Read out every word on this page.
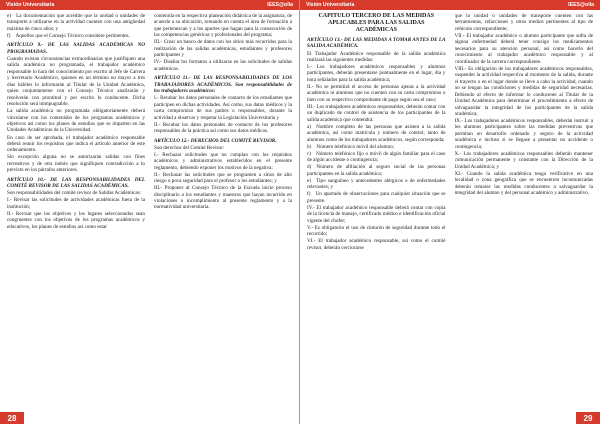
Visión Universitaria	IEES@olla

e) La documentación que acredite que la unidad o unidades de transporte a utilizarse en la actividad cuenten con una antigüedad máxima de cinco años; y

f) Aquellos que el Consejo Técnico considere pertinentes.

ARTÍCULO 9.- DE LAS SALIDAS ACADÉMICAS NO PROGRAMADAS.

Cuando existan circunstancias extraordinarias que justifiquen una salida académica no programada, el trabajador académico responsable lo hará del conocimiento por escrito al Jefe de Carrera y Secretario Académico, quienes en un término no mayor a tres días hábiles lo informarán al Titular de la Unidad Académica, quien conjuntamente con el Consejo Técnico analizarán y resolverán con prontitud y por escrito lo conducente. Dicha resolución será inimpugnable.

La salida académica no programada obligatoriamente deberá vincularse con los contenidos de los programas académicos y objetivos así como los planes de estudios que se imparten en las Unidades Académicas de la Universidad.

En caso de ser aprobada, el trabajador académico responsable deberá reunir los requisitos que indica el artículo anterior de este ordenamiento.

Sin excepción alguna no se autorizarán salidas con fines recreativos y de otra índole que signifiquen contradicción a lo previsto en los párrafos anteriores.

ARTÍCULO 10.- DE LAS RESPONSABILIDADES DEL COMITÉ REVISOR DE LAS SALIDAS ACADÉMICAS.

Son responsabilidades del comité revisor de Salidas Académicas:

I.- Revisar las solicitudes de actividades académicas fuera de la institución;

II.- Revisar que los objetivos y los lugares seleccionados sean congruentes con los objetivos de los programas académicos y educativos, los planes de estudios así como estar

contenida en la respectiva planeación didáctica de la asignatura, de acuerdo a su ubicación, tomando en cuenta el área de formación a que pertenezcan y a los aportes que hagan para la consecución de las competencias genéricas y profesionales del programa;

III.- Crear un banco de datos con los sitios más recurridos para la realización de las salidas académicas, estudiantes y profesores participantes y

IV.- Diseñar los formatos a utilizarse en las solicitudes de salidas académicas.

ARTÍCULO 11.- DE LAS RESPONSABILIDADES DE LOS TRABAJADORES ACADÉMICOS. Son responsabilidades de los trabajadores académicos:

I.- Recabar los datos personales de contacto de los estudiantes que participen en dichas actividades. Así como, sus datos médicos y la carta compromiso de sus padres o responsables, durante la actividad a observar y respetar la Legislación Universitaria y

II.- Recabar los datos personales de contacto de los profesores responsables de la práctica así como sus datos médicos.

ARTÍCULO 12.- DERECHOS DEL COMITÉ REVISOR.

Son derechos del Comité Revisor:

I.- Rechazar solicitudes que no cumplan con los requisitos académicos y administrativos establecidos en el presente reglamento, debiendo exponer los motivos de la negativa;

II.- Rechazar las solicitudes que se programen a sitios de alto riesgo o poca seguridad para el profesor o los estudiantes; y

III.- Proponer al Consejo Técnico de la Escuela inicie proceso disciplinario a los estudiantes y maestros que hayan incurrido en violaciones o incumplimiento al presente reglamento y a la normatividad universitaria.

28
Visión Universitaria	IEES@olla

CAPÍTULO TERCERO DE LAS MEDIDAS APLICABLES PARA LAS SALIDAS ACADÉMICAS

ARTÍCULO 13.- DE LAS MEDIDAS A TOMAR ANTES DE LA SALIDA ACADÉMICA.

El Trabajador Académico responsable de la salida académica realizará las siguientes medidas:

I.- Los trabajadores académicos responsables y alumnos participantes, deberán presentarse puntualmente en el lugar, día y hora señalados para la salida académica;

II.- No se permitirá el acceso de personas ajenas a la actividad académica ni alumnos que no cuenten con su carta compromiso o bien con su respectivo comprobante de pago según sea el caso;

III.- Los trabajadores académicos responsables, deberán contar con un duplicado de control de asistencia de los participantes de la salida académica que contendrá:

a) Nombre completo de las personas que asisten a la salida académica, así como matrícula y número de control, tanto de alumnos como de los trabajadores académicos, según corresponda;

b) Número telefónico móvil del alumno;

c) Número telefónico fijo o móvil de algún familiar para el caso de algún accidente o contingencia;

d) Número de afiliación al seguro social de las personas participantes en la salida académica;

e) Tipo sanguíneo y antecedentes alérgicos o de enfermedades relevantes; y

f) Un apartado de observaciones para cualquier situación que se presente.

IV.- El trabajador académico responsable deberá contar con copia de la licencia de manejo, certificado médico e identificación oficial vigente del chofer;

V.- Es obligatorio el uso de cinturón de seguridad durante todo el recorrido;

VI.- El trabajador académico responsable, así como el comité revisor, deberán cerciorarse

que la unidad o unidades de transporte cuenten con las herramientas, refacciones y otros medios pertinentes al tipo de vehículo correspondiente;

VII.- El trabajador académico o alumno participante que sufra de alguna enfermedad deberá tener consigo los medicamentos necesarios para su atención personal, así como hacerlo del conocimiento al trabajador académico responsable y al coordinador de la carrera correspondiente.

VIII.- Es obligación de los trabajadores académicos responsables, suspender la actividad respectiva al momento de la salida, durante el trayecto o en el lugar donde se lleve a cabo la actividad, cuando no se tengan las condiciones y medidas de seguridad necesarias. Debiendo al efecto de informar lo conducente al Titular de la Unidad Académica para determinar el procedimiento a efecto de salvaguardar la integridad de los participantes de la salida académica;

IX.- Los trabajadores académicos responsables, deberán instruir a los alumnos participantes sobre las medidas preventivas que permitan un desarrollo ordenado y seguro de la actividad académica e incluso si se llegase a presentar un accidente o contingencia;

X.- Los trabajadores académicos responsables deberán mantener comunicación permanente y constante con la Dirección de la Unidad Académica; y

XI.- Cuando la salida académica tenga verificativo en una localidad o zona geográfica que se encuentren incomunicadas deberán tomarse las medidas conducentes a salvaguardar la integridad del alumno y del personal académico y administrativo.

29
